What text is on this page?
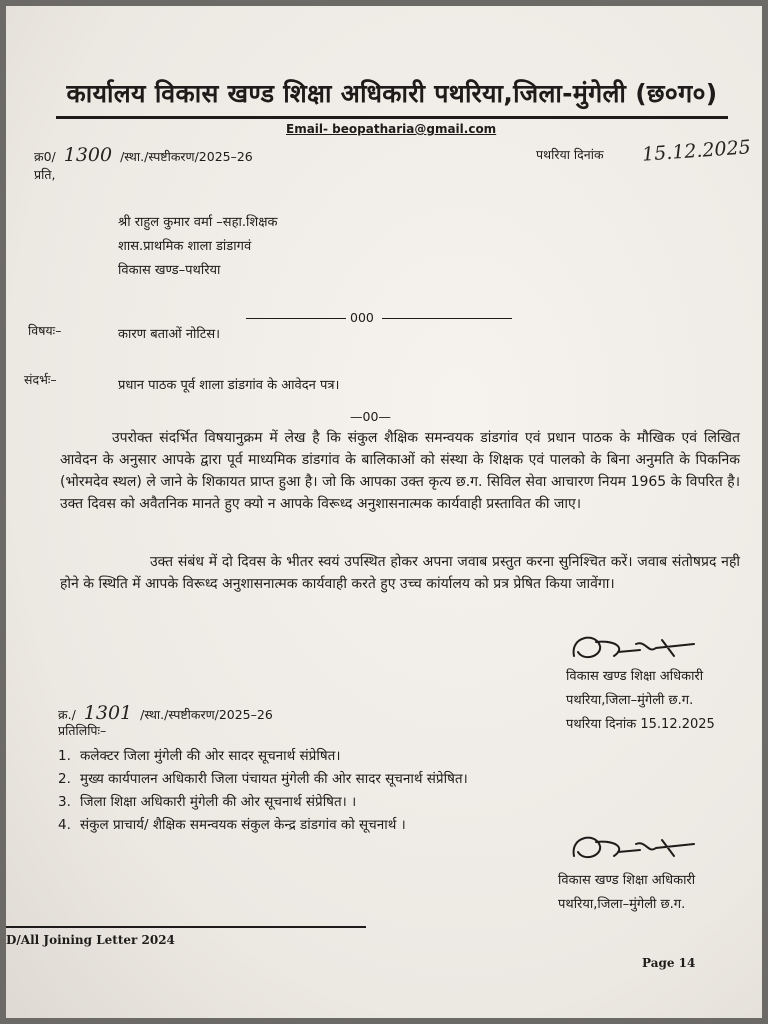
कार्यालय विकास खण्ड शिक्षा अधिकारी पथरिया,जिला-मुंगेली (छ०ग०)
Email- beopatharia@gmail.com
क्र0/ 1300 /स्था./स्पष्टीकरण/2025–26	पथरिया दिनांक 15.12.2025
प्रति,
श्री राहुल कुमार वर्मा –सहा.शिक्षक
शास.प्राथमिक शाला डांडागवं
विकास खण्ड–पथरिया
000
विषयः–	कारण बताओं नोटिस।
संदर्भः–	प्रधान पाठक पूर्व शाला डांडगांव के आवेदन पत्र।
—00—
उपरोक्त संदर्भित विषयानुक्रम में लेख है कि संकुल शैक्षिक समन्वयक डांडगांव एवं प्रधान पाठक के मौखिक एवं लिखित आवेदन के अनुसार आपके द्वारा पूर्व माध्यमिक डांडगांव के बालिकाओं को संस्था के शिक्षक एवं पालको के बिना अनुमति के पिकनिक (भोरमदेव स्थल) ले जाने के शिकायत प्राप्त हुआ है। जो कि आपका उक्त कृत्य छ.ग. सिविल सेवा आचारण नियम 1965 के विपरित है। उक्त दिवस को अवैतनिक मानते हुए क्यो न आपके विरूध्द अनुशासनात्मक कार्यवाही प्रस्तावित की जाए।
उक्त संबंध में दो दिवस के भीतर स्वयं उपस्थित होकर अपना जवाब प्रस्तुत करना सुनिश्चित करें। जवाब संतोषप्रद नही होने के स्थिति में आपके विरूध्द अनुशासनात्मक कार्यवाही करते हुए उच्च कांर्यालय को प्रत्र प्रेषित किया जावेंगा।
विकास खण्ड शिक्षा अधिकारी
पथरिया,जिला–मुंगेली छ.ग.
पथरिया दिनांक 15.12.2025
क्र./ 1301 /स्था./स्पष्टीकरण/2025–26
प्रतिलिपिः–
1. कलेक्टर जिला मुंगेली की ओर सादर सूचनार्थ संप्रेषित।
2. मुख्य कार्यपालन अधिकारी जिला पंचायत मुंगेली की ओर सादर सूचनार्थ संप्रेषित।
3. जिला शिक्षा अधिकारी मुंगेली की ओर सूचनार्थ संप्रेषित। ।
4. संकुल प्राचार्य/ शैक्षिक समन्वयक संकुल केन्द्र डांडगांव को सूचनार्थ ।
विकास खण्ड शिक्षा अधिकारी
पथरिया,जिला–मुंगेली छ.ग.
D/All Joining Letter 2024
Page 14
